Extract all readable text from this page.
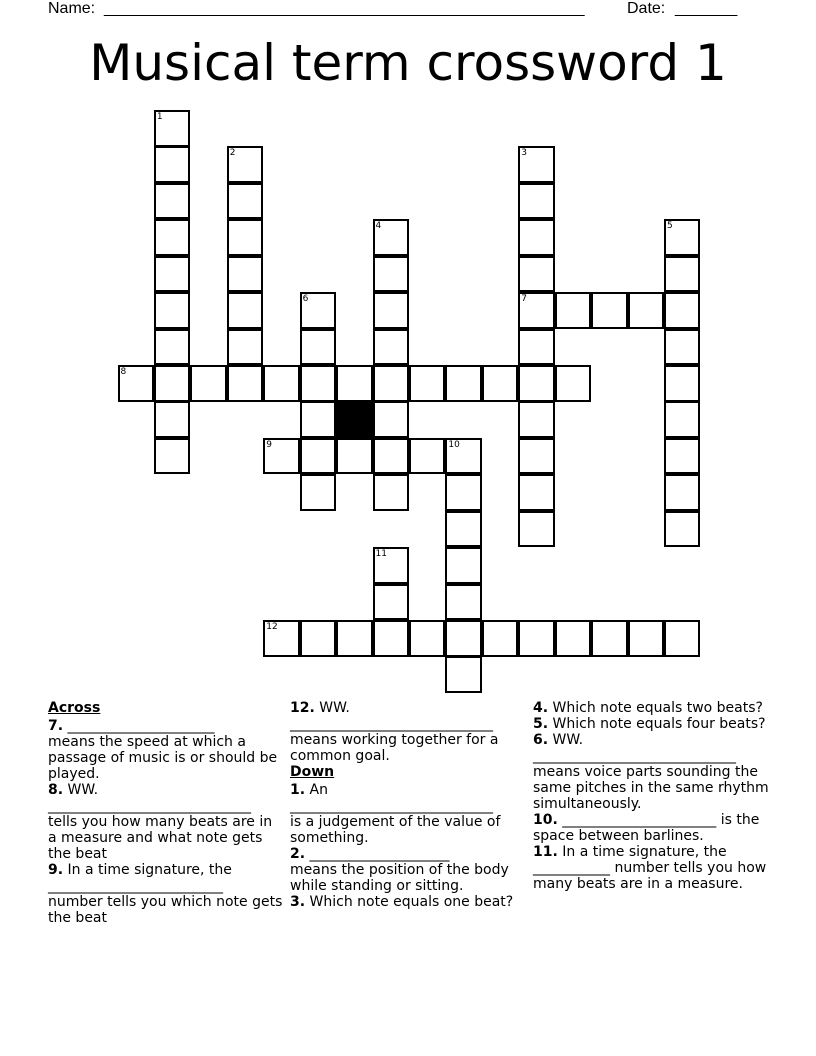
Name: ______________________________________________________	Date: _______
Musical term crossword 1
1
2	3
4	5
6	7
8
9	10
11
12
Across
7. _____________________
means the speed at which a passage of music is or should be played.
8. WW.
_____________________________
tells you how many beats are in a measure and what note gets the beat
9. In a time signature, the
_________________________
number tells you which note gets the beat
12. WW.
_____________________________
means working together for a common goal.
Down
1. An
_____________________________
is a judgement of the value of something.
2. ____________________
means the position of the body while standing or sitting.
3. Which note equals one beat?
4. Which note equals two beats?
5. Which note equals four beats?
6. WW.
_____________________________
means voice parts sounding the same pitches in the same rhythm simultaneously.
10. ______________________ is the space between barlines.
11. In a time signature, the ___________ number tells you how many beats are in a measure.
